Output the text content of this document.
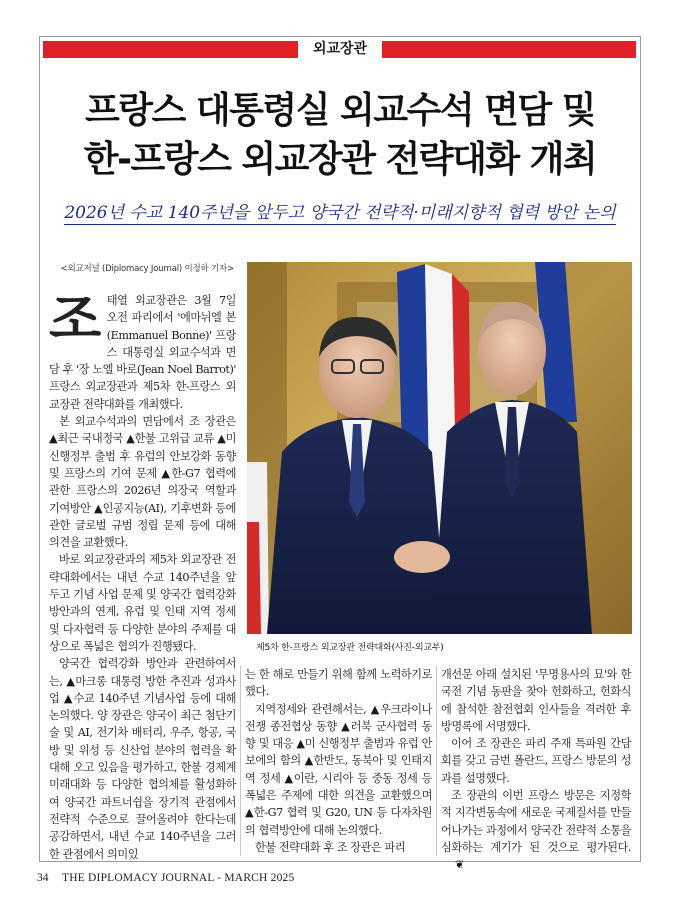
외교장관
프랑스 대통령실 외교수석 면담 및
한-프랑스 외교장관 전략대화 개최
2026년 수교 140주년을 앞두고 양국간 전략적·미래지향적 협력 방안 논의
<외교저널 (Diplomacy Journal) 이정하 기자>

조태열 외교장관은 3월 7일 오전 파리에서 '에마뉘엘 본(Emmanuel Bonne)' 프랑스 대통령실 외교수석과 면담 후 '장 노엘 바로(Jean Noel Barrot)' 프랑스 외교장관과 제5차 한-프랑스 외교장관 전략대화를 개최했다.

본 외교수석과의 면담에서 조 장관은 ▲최근 국내정국 ▲한불 고위급 교류 ▲미 신행정부 출범 후 유럽의 안보강화 동향 및 프랑스의 기여 문제 ▲한-G7 협력에 관한 프랑스의 2026년 의장국 역할과 기여방안 ▲인공지능(AI), 기후변화 등에 관한 글로벌 규범 정립 문제 등에 대해 의견을 교환했다.

바로 외교장관과의 제5차 외교장관 전략대화에서는 내년 수교 140주년을 앞두고 기념 사업 문제 및 양국간 협력강화 방안과의 연계, 유럽 및 인태 지역 정세 및 다자협력 등 다양한 분야의 주제를 대상으로 폭넓은 협의가 진행됐다.

양국간 협력강화 방안과 관련하여서는, ▲마크롱 대통령 방한 추진과 성과사업 ▲수교 140주년 기념사업 등에 대해 논의했다. 양 장관은 양국이 최근 첨단기술 및 AI, 전기차 배터리, 우주, 항공, 국방 및 위성 등 신산업 분야의 협력을 확대해 오고 있음을 평가하고, 한불 경제계 미래대화 등 다양한 협의체를 활성화하여 양국간 파트너쉽을 장기적 관점에서 전략적 수준으로 끌어올려야 한다는데 공감하면서, 내년 수교 140주년을 그러한 관점에서 의미있

제5차 한-프랑스 외교장관 전략대화(사진-외교부)

는 한 해로 만들기 위해 함께 노력하기로 했다.

지역정세와 관련해서는, ▲우크라이나 전쟁 종전협상 동향 ▲러북 군사협력 동향 및 대응 ▲미 신행정부 출범과 유럽 안보에의 함의 ▲한반도, 동북아 및 인태지역 정세 ▲이란, 시리아 등 중동 정세 등 폭넓은 주제에 대한 의견을 교환했으며 ▲한-G7 협력 및 G20, UN 등 다자차원의 협력방안에 대해 논의했다.

한불 전략대화 후 조 장관은 파리

개선문 아래 설치된 '무명용사의 묘'와 한국전 기념 동판을 찾아 헌화하고, 헌화식에 참석한 참전협회 인사들을 격려한 후 방명록에 서명했다.

이어 조 장관은 파리 주재 특파원 간담회를 갖고 금번 폴란드, 프랑스 방문의 성과를 설명했다.

조 장관의 이번 프랑스 방문은 지정학적 지각변동속에 새로운 국제질서를 만들어나가는 과정에서 양국간 전략적 소통을 심화하는 계기가 된 것으로 평가된다.❦

34 THE DIPLOMACY JOURNAL - MARCH 2025
